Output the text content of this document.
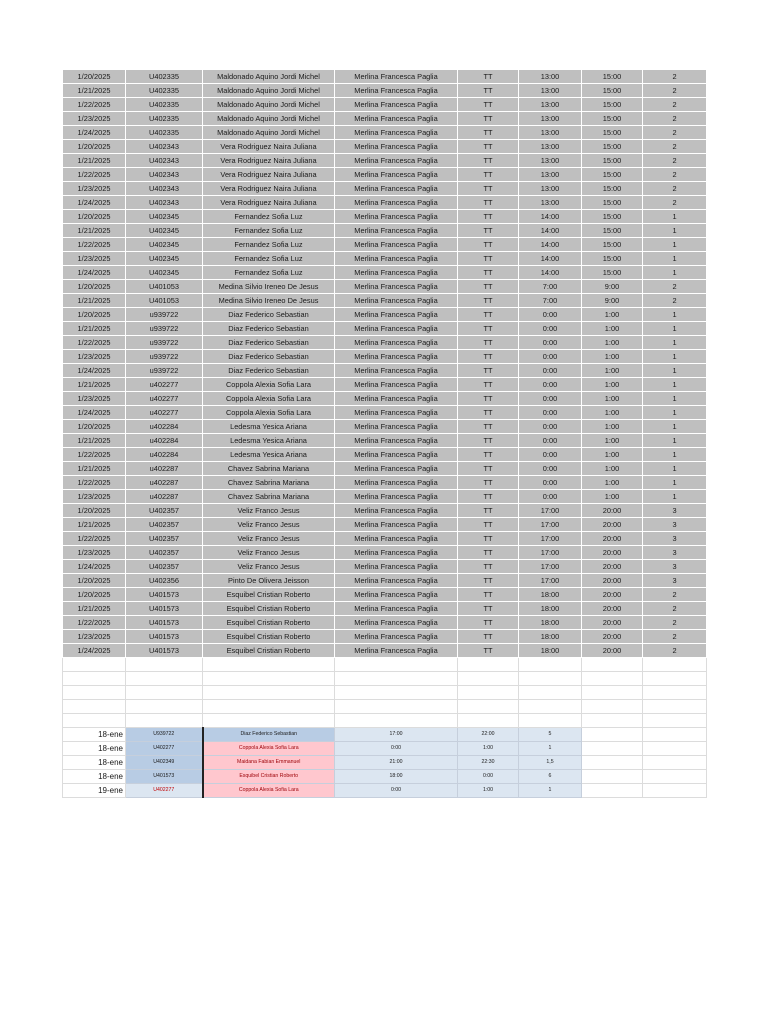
1/20/2025	U402335	Maldonado Aquino Jordi Michel	Merlina Francesca Paglia	TT	13:00	15:00	2
1/21/2025	U402335	Maldonado Aquino Jordi Michel	Merlina Francesca Paglia	TT	13:00	15:00	2
1/22/2025	U402335	Maldonado Aquino Jordi Michel	Merlina Francesca Paglia	TT	13:00	15:00	2
1/23/2025	U402335	Maldonado Aquino Jordi Michel	Merlina Francesca Paglia	TT	13:00	15:00	2
1/24/2025	U402335	Maldonado Aquino Jordi Michel	Merlina Francesca Paglia	TT	13:00	15:00	2
1/20/2025	U402343	Vera Rodriguez Naira Juliana	Merlina Francesca Paglia	TT	13:00	15:00	2
1/21/2025	U402343	Vera Rodriguez Naira Juliana	Merlina Francesca Paglia	TT	13:00	15:00	2
1/22/2025	U402343	Vera Rodriguez Naira Juliana	Merlina Francesca Paglia	TT	13:00	15:00	2
1/23/2025	U402343	Vera Rodriguez Naira Juliana	Merlina Francesca Paglia	TT	13:00	15:00	2
1/24/2025	U402343	Vera Rodriguez Naira Juliana	Merlina Francesca Paglia	TT	13:00	15:00	2
1/20/2025	U402345	Fernandez Sofia Luz	Merlina Francesca Paglia	TT	14:00	15:00	1
1/21/2025	U402345	Fernandez Sofia Luz	Merlina Francesca Paglia	TT	14:00	15:00	1
1/22/2025	U402345	Fernandez Sofia Luz	Merlina Francesca Paglia	TT	14:00	15:00	1
1/23/2025	U402345	Fernandez Sofia Luz	Merlina Francesca Paglia	TT	14:00	15:00	1
1/24/2025	U402345	Fernandez Sofia Luz	Merlina Francesca Paglia	TT	14:00	15:00	1
1/20/2025	U401053	Medina Silvio Ireneo De Jesus	Merlina Francesca Paglia	TT	7:00	9:00	2
1/21/2025	U401053	Medina Silvio Ireneo De Jesus	Merlina Francesca Paglia	TT	7:00	9:00	2
1/20/2025	u939722	Diaz Federico Sebastian	Merlina Francesca Paglia	TT	0:00	1:00	1
1/21/2025	u939722	Diaz Federico Sebastian	Merlina Francesca Paglia	TT	0:00	1:00	1
1/22/2025	u939722	Diaz Federico Sebastian	Merlina Francesca Paglia	TT	0:00	1:00	1
1/23/2025	u939722	Diaz Federico Sebastian	Merlina Francesca Paglia	TT	0:00	1:00	1
1/24/2025	u939722	Diaz Federico Sebastian	Merlina Francesca Paglia	TT	0:00	1:00	1
1/21/2025	u402277	Coppola Alexia Sofia Lara	Merlina Francesca Paglia	TT	0:00	1:00	1
1/23/2025	u402277	Coppola Alexia Sofia Lara	Merlina Francesca Paglia	TT	0:00	1:00	1
1/24/2025	u402277	Coppola Alexia Sofia Lara	Merlina Francesca Paglia	TT	0:00	1:00	1
1/20/2025	u402284	Ledesma Yesica Ariana	Merlina Francesca Paglia	TT	0:00	1:00	1
1/21/2025	u402284	Ledesma Yesica Ariana	Merlina Francesca Paglia	TT	0:00	1:00	1
1/22/2025	u402284	Ledesma Yesica Ariana	Merlina Francesca Paglia	TT	0:00	1:00	1
1/21/2025	u402287	Chavez Sabrina Mariana	Merlina Francesca Paglia	TT	0:00	1:00	1
1/22/2025	u402287	Chavez Sabrina Mariana	Merlina Francesca Paglia	TT	0:00	1:00	1
1/23/2025	u402287	Chavez Sabrina Mariana	Merlina Francesca Paglia	TT	0:00	1:00	1
1/20/2025	U402357	Veliz Franco Jesus	Merlina Francesca Paglia	TT	17:00	20:00	3
1/21/2025	U402357	Veliz Franco Jesus	Merlina Francesca Paglia	TT	17:00	20:00	3
1/22/2025	U402357	Veliz Franco Jesus	Merlina Francesca Paglia	TT	17:00	20:00	3
1/23/2025	U402357	Veliz Franco Jesus	Merlina Francesca Paglia	TT	17:00	20:00	3
1/24/2025	U402357	Veliz Franco Jesus	Merlina Francesca Paglia	TT	17:00	20:00	3
1/20/2025	U402356	Pinto De Olivera Jeisson	Merlina Francesca Paglia	TT	17:00	20:00	3
1/20/2025	U401573	Esquibel Cristian Roberto	Merlina Francesca Paglia	TT	18:00	20:00	2
1/21/2025	U401573	Esquibel Cristian Roberto	Merlina Francesca Paglia	TT	18:00	20:00	2
1/22/2025	U401573	Esquibel Cristian Roberto	Merlina Francesca Paglia	TT	18:00	20:00	2
1/23/2025	U401573	Esquibel Cristian Roberto	Merlina Francesca Paglia	TT	18:00	20:00	2
1/24/2025	U401573	Esquibel Cristian Roberto	Merlina Francesca Paglia	TT	18:00	20:00	2

18-ene	U939722	Diaz Federico Sebastian	17:00	22:00	5		
18-ene	U402277	Coppola Alexia Sofia Lara	0:00	1:00	1		
18-ene	U402349	Maidana Fabian Emmanuel	21:00	22:30	1,5		
18-ene	U401573	Esquibel Cristian Roberto	18:00	0:00	6		
19-ene	U402277	Coppola Alexia Sofia Lara	0:00	1:00	1		
